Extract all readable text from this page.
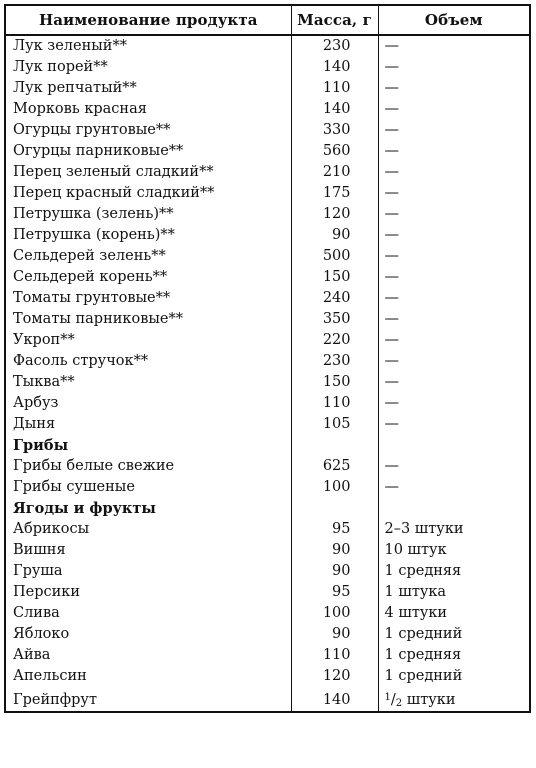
Наименование продукта	Масса, г	Объем
Лук зеленый**	230	—
Лук порей**	140	—
Лук репчатый**	110	—
Морковь красная	140	—
Огурцы грунтовые**	330	—
Огурцы парниковые**	560	—
Перец зеленый сладкий**	210	—
Перец красный сладкий**	175	—
Петрушка (зелень)**	120	—
Петрушка (корень)**	90	—
Сельдерей зелень**	500	—
Сельдерей корень**	150	—
Томаты грунтовые**	240	—
Томаты парниковые**	350	—
Укроп**	220	—
Фасоль стручок**	230	—
Тыква**	150	—
Арбуз	110	—
Дыня	105	—
Грибы		
Грибы белые свежие	625	—
Грибы сушеные	100	—
Ягоды и фрукты		
Абрикосы	95	2–3 штуки
Вишня	90	10 штук
Груша	90	1 средняя
Персики	95	1 штука
Слива	100	4 штуки
Яблоко	90	1 средний
Айва	110	1 средняя
Апельсин	120	1 средний
Грейпфрут	140	$^1/_2$ штуки
